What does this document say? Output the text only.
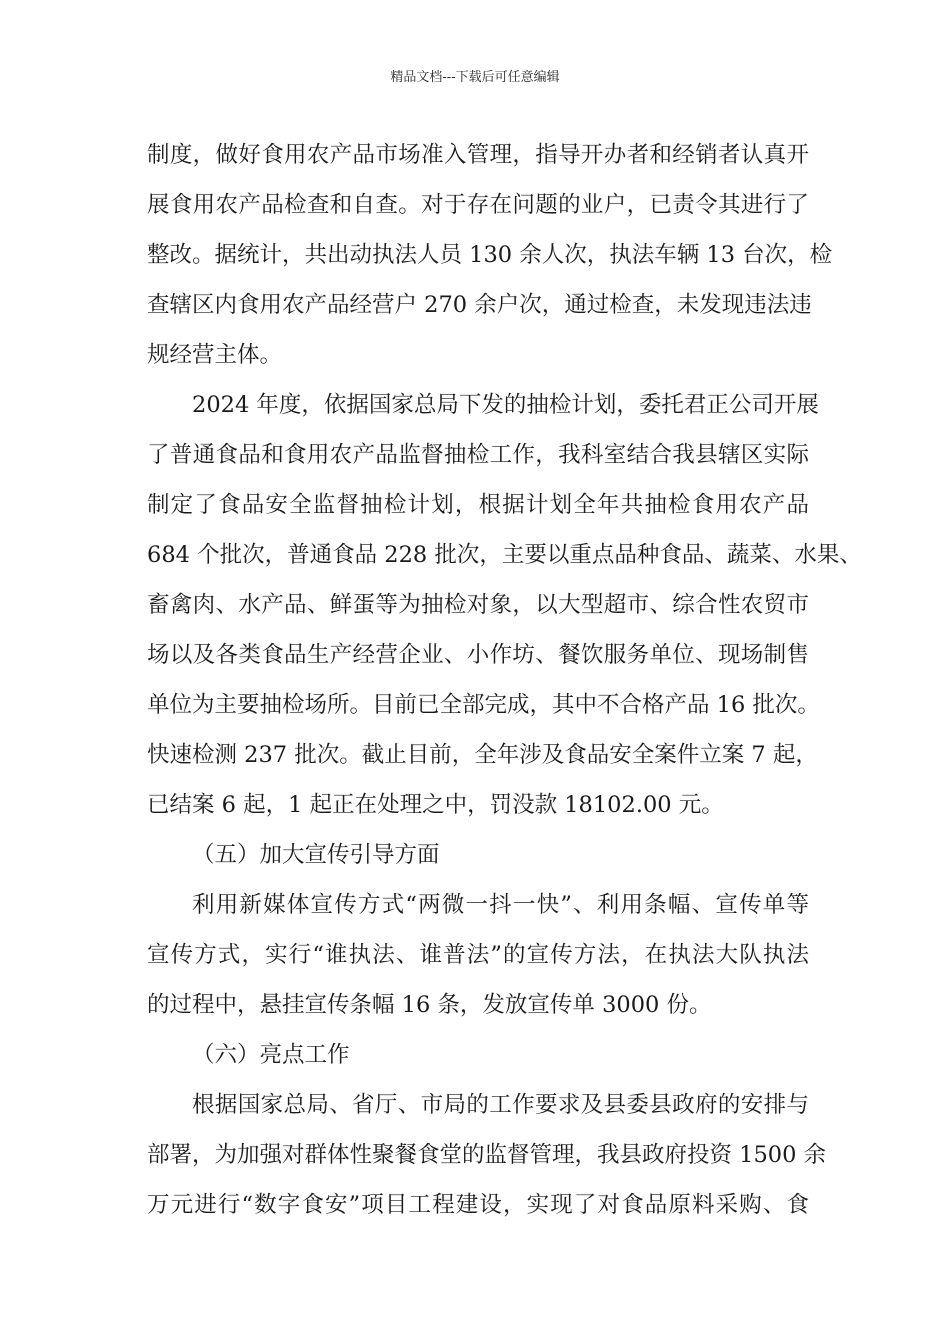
精品文档---下载后可任意编辑
制度，做好食用农产品市场准入管理，指导开办者和经销者认真开
展食用农产品检查和自查。对于存在问题的业户，已责令其进行了
整改。据统计，共出动执法人员 130 余人次，执法车辆 13 台次，检
查辖区内食用农产品经营户 270 余户次，通过检查，未发现违法违
规经营主体。
2024 年度，依据国家总局下发的抽检计划，委托君正公司开展
了普通食品和食用农产品监督抽检工作，我科室结合我县辖区实际
制定了食品安全监督抽检计划，根据计划全年共抽检食用农产品
684 个批次，普通食品 228 批次，主要以重点品种食品、蔬菜、水果、
畜禽肉、水产品、鲜蛋等为抽检对象，以大型超市、综合性农贸市
场以及各类食品生产经营企业、小作坊、餐饮服务单位、现场制售
单位为主要抽检场所。目前已全部完成，其中不合格产品 16 批次。
快速检测 237 批次。截止目前，全年涉及食品安全案件立案 7 起，
已结案 6 起，1 起正在处理之中，罚没款 18102.00 元。
（五）加大宣传引导方面
利用新媒体宣传方式“两微一抖一快”、利用条幅、宣传单等
宣传方式，实行“谁执法、谁普法”的宣传方法，在执法大队执法
的过程中，悬挂宣传条幅 16 条，发放宣传单 3000 份。
（六）亮点工作
根据国家总局、省厅、市局的工作要求及县委县政府的安排与
部署，为加强对群体性聚餐食堂的监督管理，我县政府投资 1500 余
万元进行“数字食安”项目工程建设，实现了对食品原料采购、食
